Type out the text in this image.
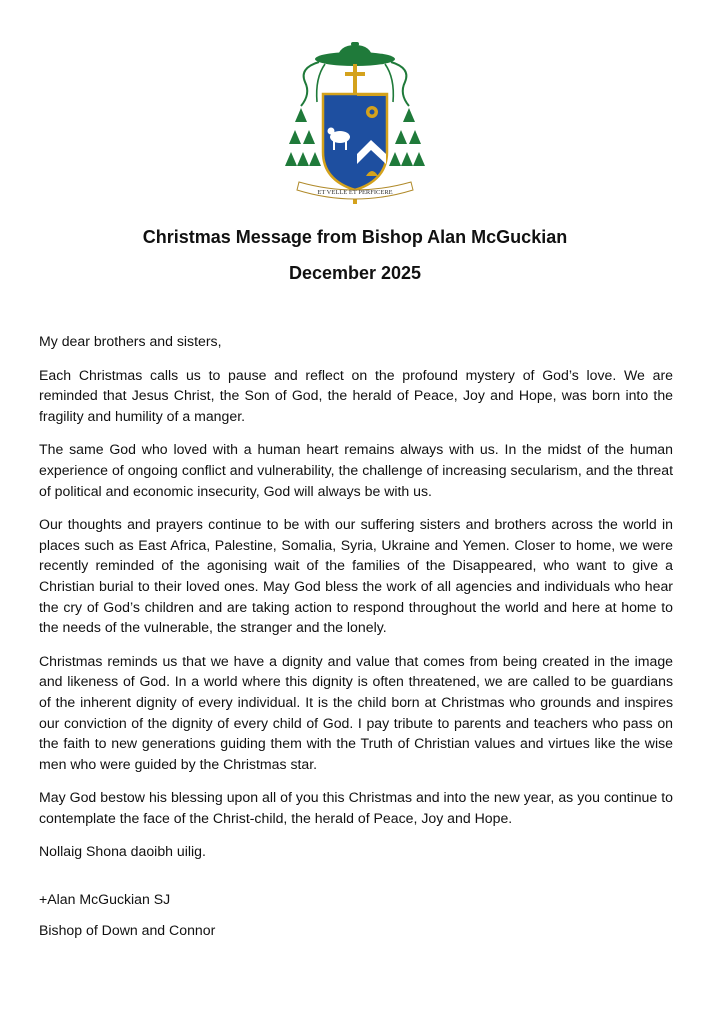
ET VELLE ET PERFICERE
Christmas Message from Bishop Alan McGuckian
December 2025

My dear brothers and sisters,

Each Christmas calls us to pause and reflect on the profound mystery of God’s love. We are reminded that Jesus Christ, the Son of God, the herald of Peace, Joy and Hope, was born into the fragility and humility of a manger.

The same God who loved with a human heart remains always with us. In the midst of the human experience of ongoing conflict and vulnerability, the challenge of increasing secularism, and the threat of political and economic insecurity, God will always be with us.

Our thoughts and prayers continue to be with our suffering sisters and brothers across the world in places such as East Africa, Palestine, Somalia, Syria, Ukraine and Yemen. Closer to home, we were recently reminded of the agonising wait of the families of the Disappeared, who want to give a Christian burial to their loved ones. May God bless the work of all agencies and individuals who hear the cry of God’s children and are taking action to respond throughout the world and here at home to the needs of the vulnerable, the stranger and the lonely.

Christmas reminds us that we have a dignity and value that comes from being created in the image and likeness of God. In a world where this dignity is often threatened, we are called to be guardians of the inherent dignity of every individual. It is the child born at Christmas who grounds and inspires our conviction of the dignity of every child of God. I pay tribute to parents and teachers who pass on the faith to new generations guiding them with the Truth of Christian values and virtues like the wise men who were guided by the Christmas star.

May God bestow his blessing upon all of you this Christmas and into the new year, as you continue to contemplate the face of the Christ-child, the herald of Peace, Joy and Hope.

Nollaig Shona daoibh uilig.

+Alan McGuckian SJ

Bishop of Down and Connor
